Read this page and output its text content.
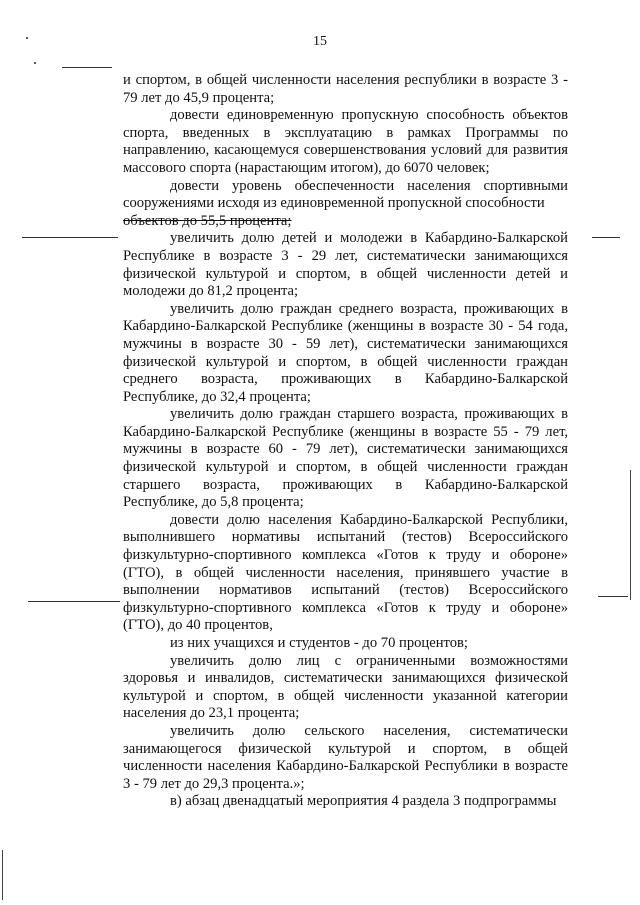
15

и спортом, в общей численности населения республики в возрасте 3 - 79 лет до 45,9 процента;

довести единовременную пропускную способность объектов спорта, введенных в эксплуатацию в рамках Программы по направлению, касающемуся совершенствования условий для развития массового спорта (нарастающим итогом), до 6070 человек;

довести уровень обеспеченности населения спортивными сооружениями исходя из единовременной пропускной способности

объектов до 55,5 процента;

увеличить долю детей и молодежи в Кабардино-Балкарской Республике в возрасте 3 - 29 лет, систематически занимающихся физической культурой и спортом, в общей численности детей и молодежи до 81,2 процента;

увеличить долю граждан среднего возраста, проживающих в Кабардино-Балкарской Республике (женщины в возрасте 30 - 54 года, мужчины в возрасте 30 - 59 лет), систематически занимающихся физической культурой и спортом, в общей численности граждан среднего возраста, проживающих в Кабардино-Балкарской Республике, до 32,4 процента;

увеличить долю граждан старшего возраста, проживающих в Кабардино-Балкарской Республике (женщины в возрасте 55 - 79 лет, мужчины в возрасте 60 - 79 лет), систематически занимающихся физической культурой и спортом, в общей численности граждан старшего возраста, проживающих в Кабардино-Балкарской Республике, до 5,8 процента;

довести долю населения Кабардино-Балкарской Республики, выполнившего нормативы испытаний (тестов) Всероссийского физкультурно-спортивного комплекса «Готов к труду и обороне» (ГТО), в общей численности населения, принявшего участие в выполнении нормативов испытаний (тестов) Всероссийского физкультурно-спортивного комплекса «Готов к труду и обороне» (ГТО), до 40 процентов,

из них учащихся и студентов - до 70 процентов;

увеличить долю лиц с ограниченными возможностями здоровья и инвалидов, систематически занимающихся физической культурой и спортом, в общей численности указанной категории населения до 23,1 процента;

увеличить долю сельского населения, систематически занимающегося физической культурой и спортом, в общей численности населения Кабардино-Балкарской Республики в возрасте 3 - 79 лет до 29,3 процента.»;

в) абзац двенадцатый мероприятия 4 раздела 3 подпрограммы
